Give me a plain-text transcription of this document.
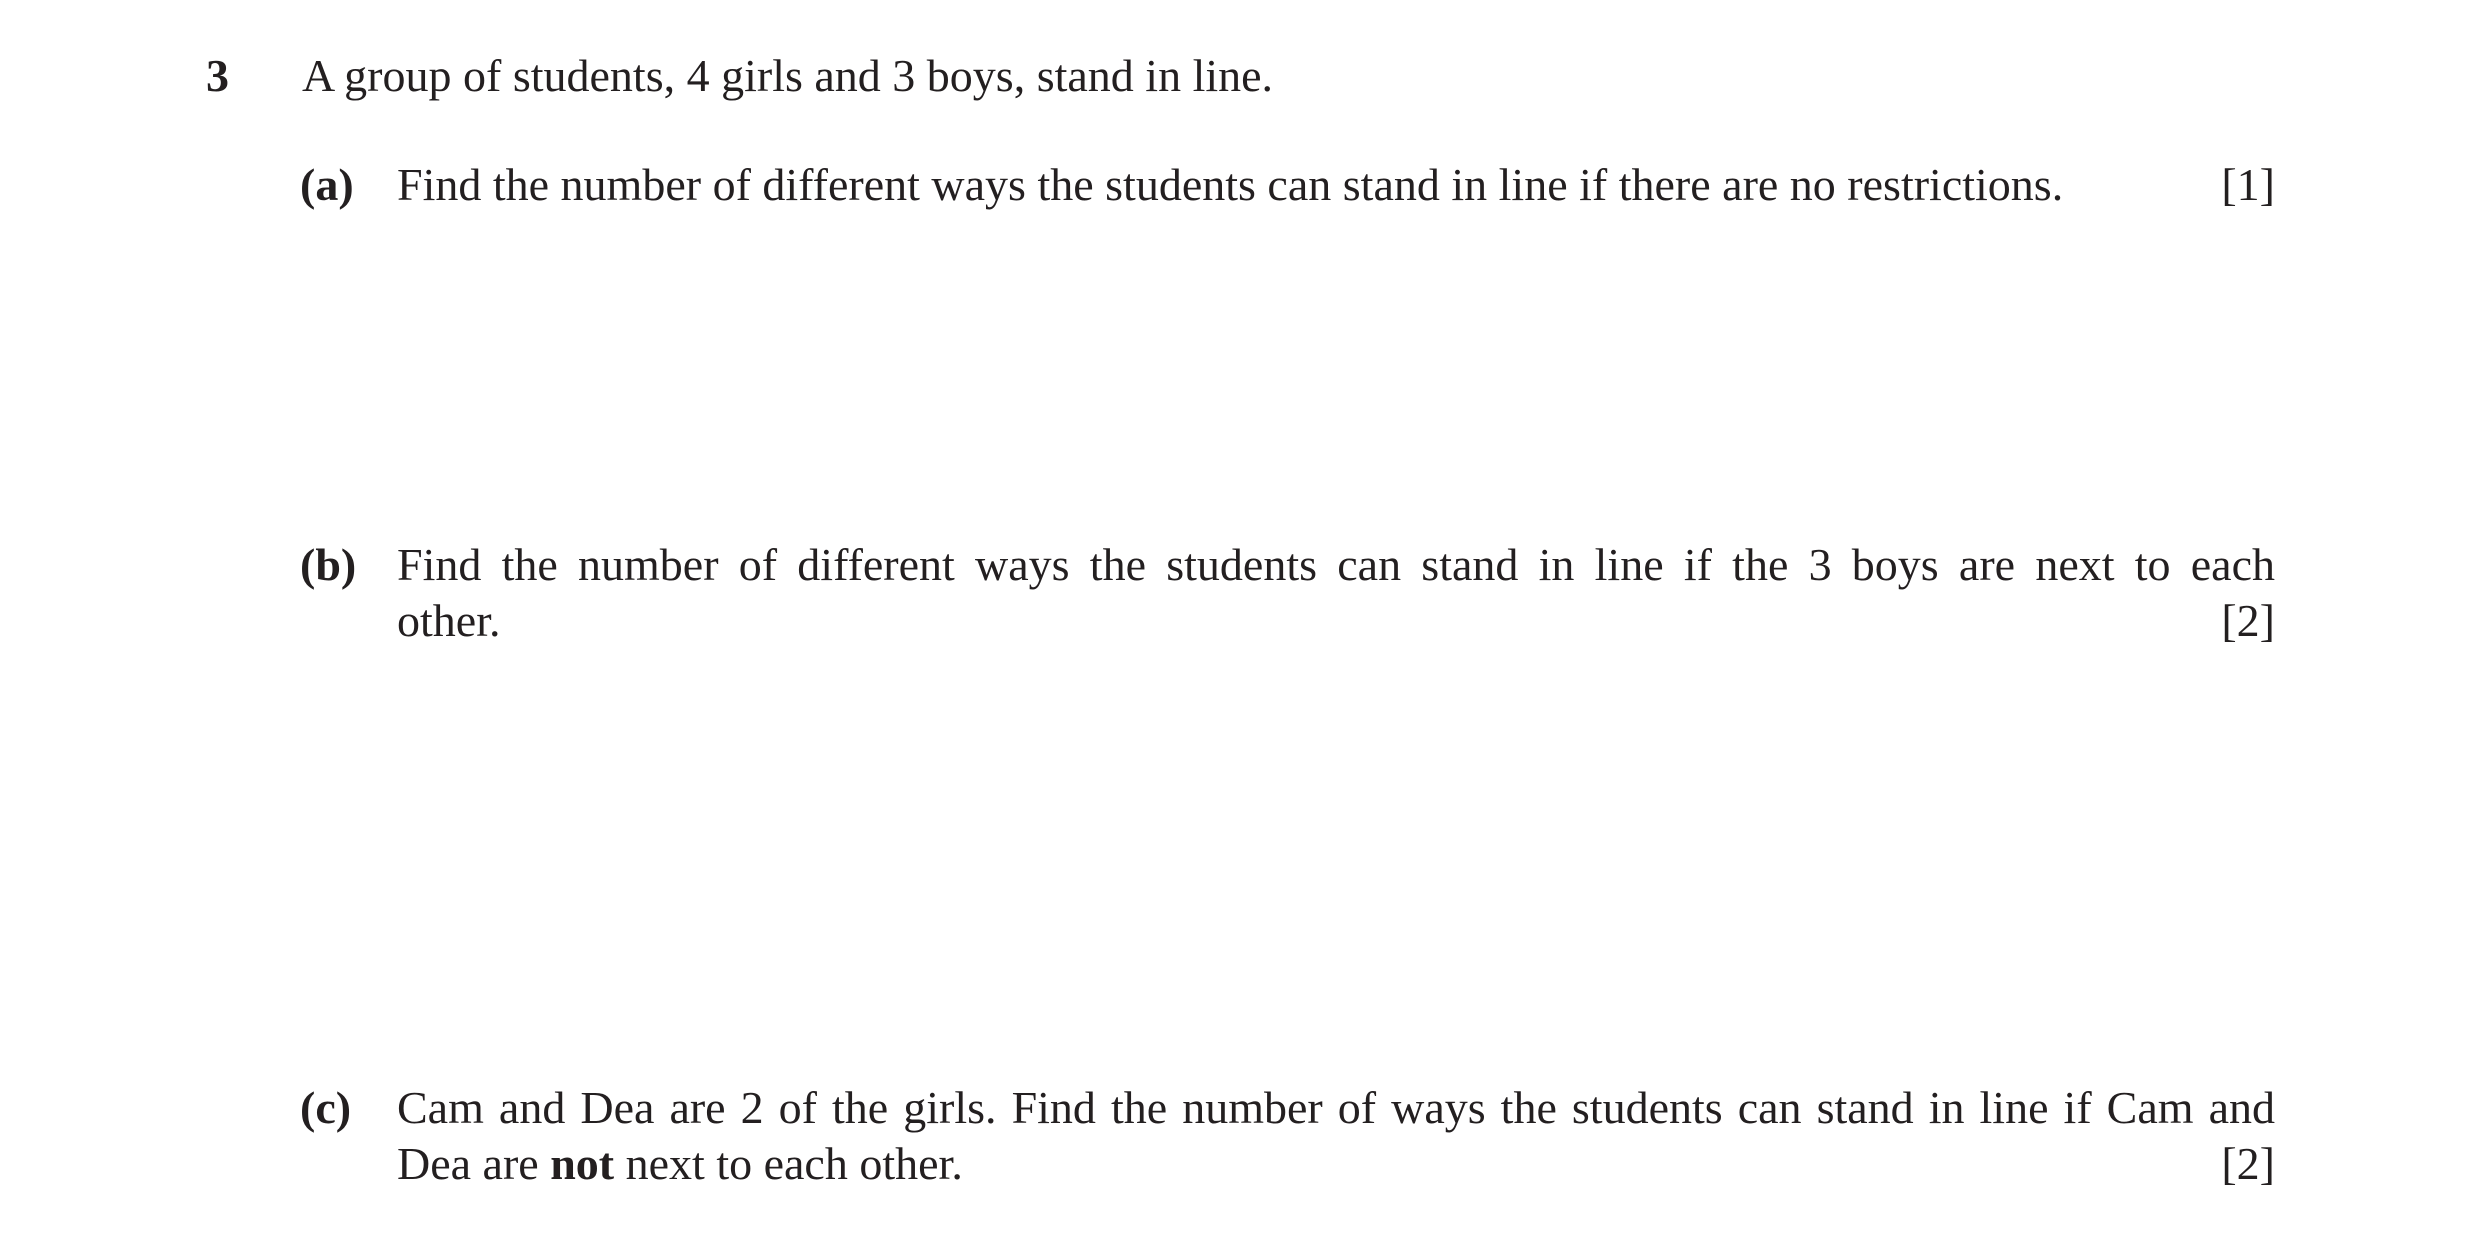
3 A group of students, 4 girls and 3 boys, stand in line.
(a) Find the number of different ways the students can stand in line if there are no restrictions.	[1]
(b) Find the number of different ways the students can stand in line if the 3 boys are next to each
other.	[2]
(c) Cam and Dea are 2 of the girls. Find the number of ways the students can stand in line if Cam and
Dea are not next to each other.	[2]
